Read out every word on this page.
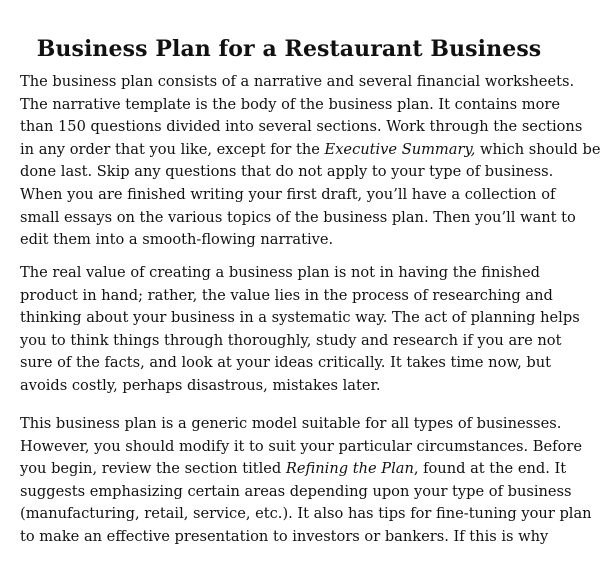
Business Plan for a Restaurant Business
The business plan consists of a narrative and several financial worksheets.
The narrative template is the body of the business plan. It contains more
than 150 questions divided into several sections. Work through the sections
in any order that you like, except for the Executive Summary, which should be
done last. Skip any questions that do not apply to your type of business.
When you are finished writing your first draft, you’ll have a collection of
small essays on the various topics of the business plan. Then you’ll want to
edit them into a smooth-flowing narrative.
The real value of creating a business plan is not in having the finished
product in hand; rather, the value lies in the process of researching and
thinking about your business in a systematic way. The act of planning helps
you to think things through thoroughly, study and research if you are not
sure of the facts, and look at your ideas critically. It takes time now, but
avoids costly, perhaps disastrous, mistakes later.
This business plan is a generic model suitable for all types of businesses.
However, you should modify it to suit your particular circumstances. Before
you begin, review the section titled Refining the Plan, found at the end. It
suggests emphasizing certain areas depending upon your type of business
(manufacturing, retail, service, etc.). It also has tips for fine-tuning your plan
to make an effective presentation to investors or bankers. If this is why
